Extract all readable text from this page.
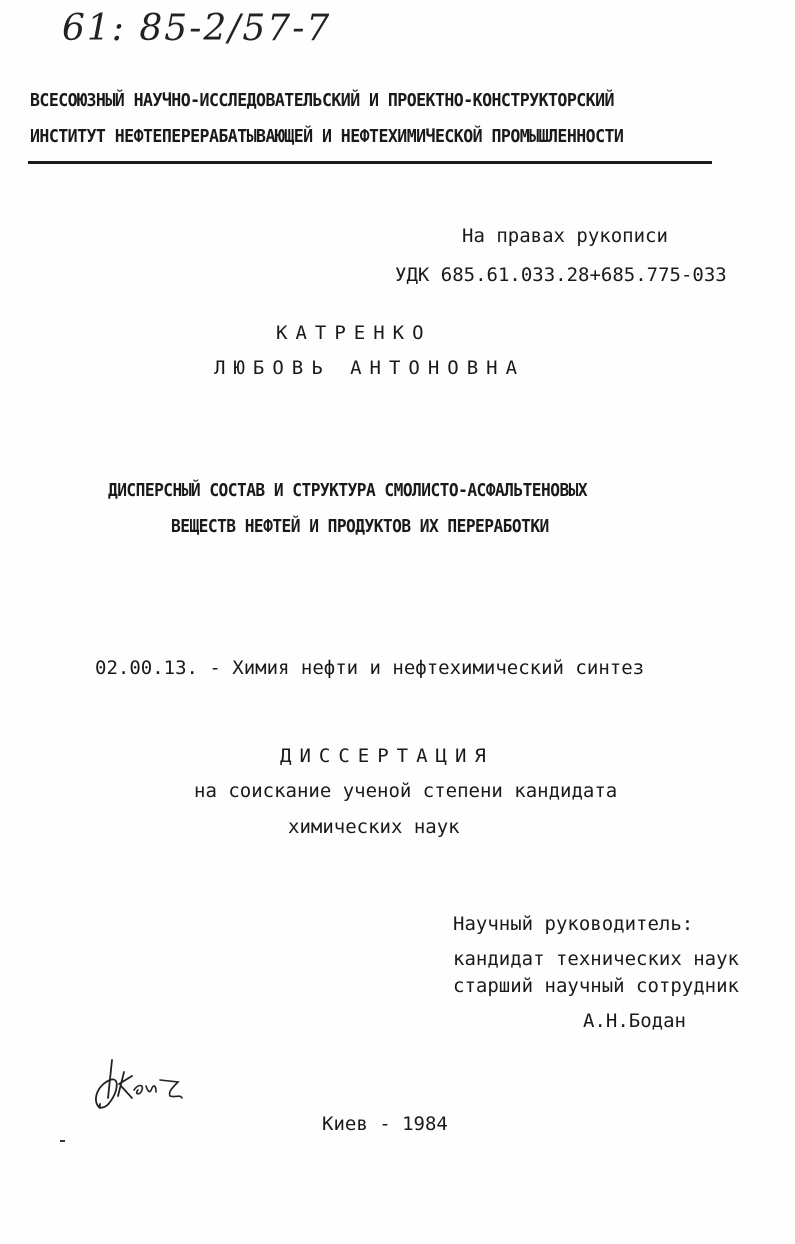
61: 85-2/57-7
ВСЕСОЮЗНЫЙ НАУЧНО-ИССЛЕДОВАТЕЛЬСКИЙ И ПРОЕКТНО-КОНСТРУКТОРСКИЙ
ИНСТИТУТ НЕФТЕПЕРЕРАБАТЫВАЮЩЕЙ И НЕФТЕХИМИЧЕСКОЙ ПРОМЫШЛЕННОСТИ
На правах рукописи
УДК 685.61.033.28+685.775-033
КАТРЕНКО
ЛЮБОВЬ АНТОНОВНА
ДИСПЕРСНЫЙ СОСТАВ И СТРУКТУРА СМОЛИСТО-АСФАЛЬТЕНОВЫХ
ВЕЩЕСТВ НЕФТЕЙ И ПРОДУКТОВ ИХ ПЕРЕРАБОТКИ
02.00.13. - Химия нефти и нефтехимический синтез
ДИССЕРТАЦИЯ
на соискание ученой степени кандидата
химических наук
Научный руководитель:
кандидат технических наук
старший научный сотрудник
А.Н.Бодан
Киев - 1984
